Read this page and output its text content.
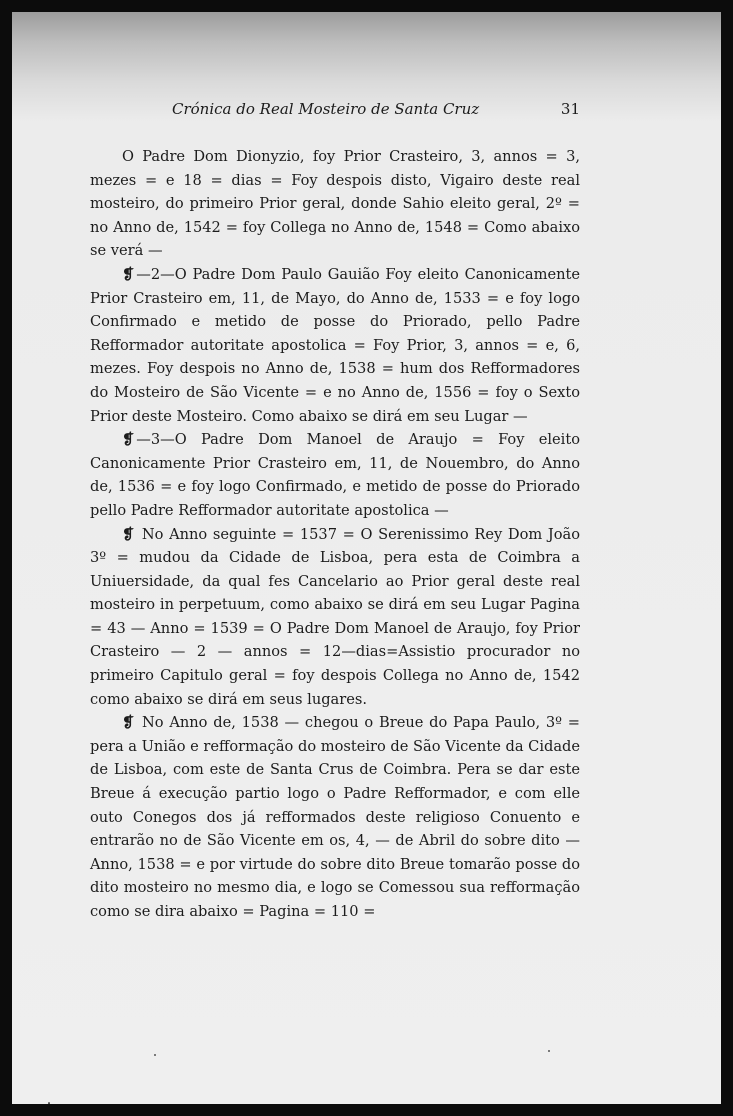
Crónica do Real Mosteiro de Santa Cruz	31

O Padre Dom Dionyzio, foy Prior Crasteiro, 3, annos = 3, mezes = e 18 = dias = Foy despois disto, Vigairo deste real mosteiro, do primeiro Prior geral, donde Sahio eleito geral, 2º = no Anno de, 1542 = foy Collega no Anno de, 1548 = Como abaixo se verá —

❡ —2—O Padre Dom Paulo Gauião Foy eleito Canonicamente Prior Crasteiro em, 11, de Mayo, do Anno de, 1533 = e foy logo Confirmado e metido de posse do Priorado, pello Padre Refformador autoritate apostolica = Foy Prior, 3, annos = e, 6, mezes. Foy despois no Anno de, 1538 = hum dos Refformadores do Mosteiro de São Vicente = e no Anno de, 1556 = foy o Sexto Prior deste Mosteiro. Como abaixo se dirá em seu Lugar —

❡ —3—O Padre Dom Manoel de Araujo = Foy eleito Canonicamente Prior Crasteiro em, 11, de Nouembro, do Anno de, 1536 = e foy logo Confirmado, e metido de posse do Priorado pello Padre Refformador autoritate apostolica —

❡ No Anno seguinte = 1537 = O Serenissimo Rey Dom João 3º = mudou da Cidade de Lisboa, pera esta de Coimbra a Uniuersidade, da qual fes Cancelario ao Prior geral deste real mosteiro in perpetuum, como abaixo se dirá em seu Lugar Pagina = 43 — Anno = 1539 = O Padre Dom Manoel de Araujo, foy Prior Crasteiro — 2 — annos = 12—dias=Assistio procurador no primeiro Capitulo geral = foy despois Collega no Anno de, 1542 como abaixo se dirá em seus lugares.

❡ No Anno de, 1538 — chegou o Breue do Papa Paulo, 3º = pera a União e refformação do mosteiro de São Vicente da Cidade de Lisboa, com este de Santa Crus de Coimbra. Pera se dar este Breue á execução partio logo o Padre Refformador, e com elle outo Conegos dos já refformados deste religioso Conuento e entrarão no de São Vicente em os, 4, — de Abril do sobre dito — Anno, 1538 = e por virtude do sobre dito Breue tomarão posse do dito mosteiro no mesmo dia, e logo se Comessou sua refformação como se dira abaixo = Pagina = 110 =
